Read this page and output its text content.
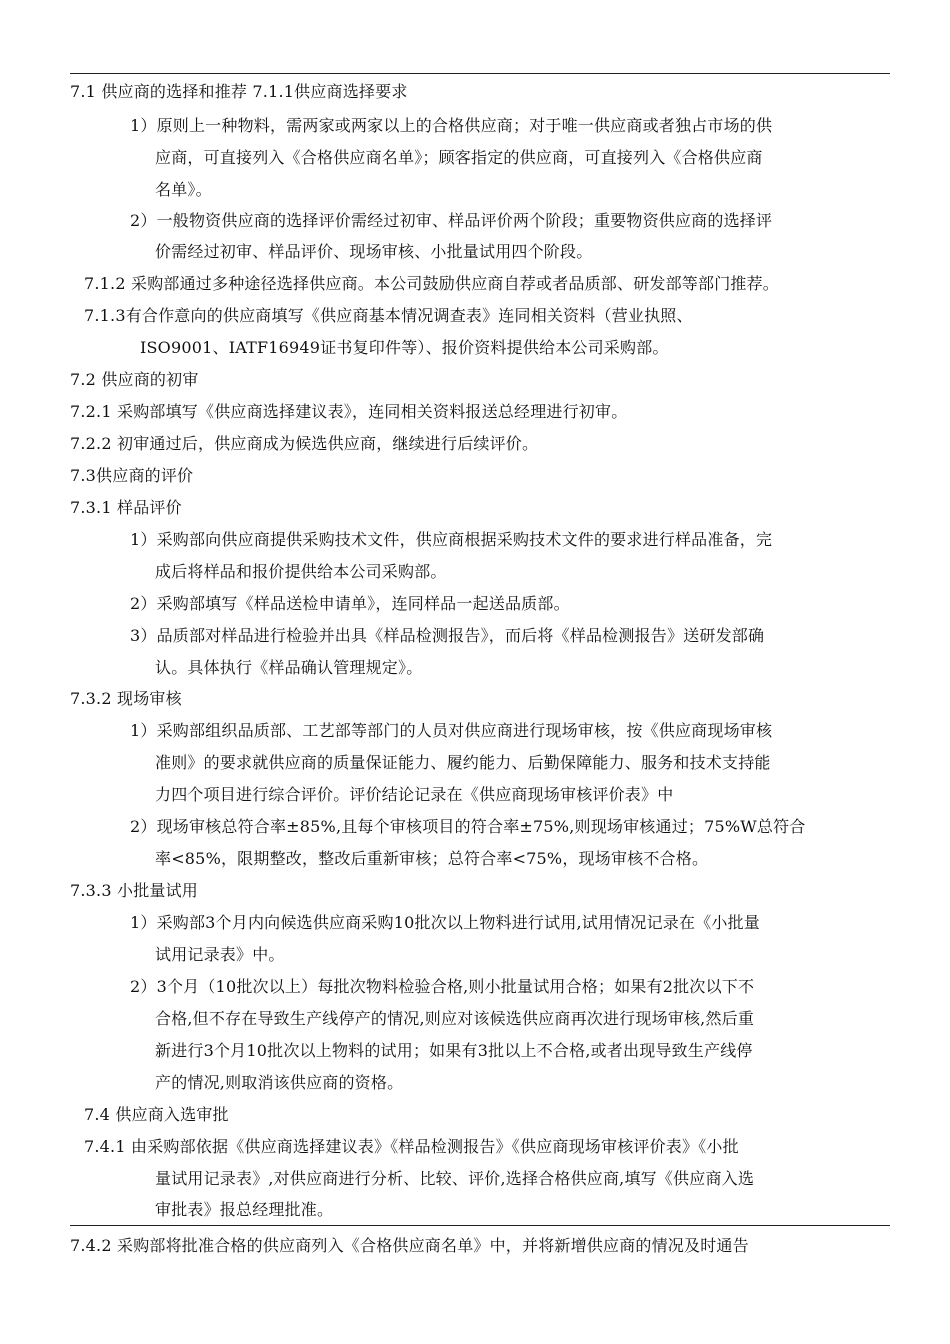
7.1 供应商的选择和推荐 7.1.1供应商选择要求
1）原则上一种物料，需两家或两家以上的合格供应商；对于唯一供应商或者独占市场的供
应商，可直接列入《合格供应商名单》；顾客指定的供应商，可直接列入《合格供应商
名单》。
2）一般物资供应商的选择评价需经过初审、样品评价两个阶段；重要物资供应商的选择评
价需经过初审、样品评价、现场审核、小批量试用四个阶段。
7.1.2 采购部通过多种途径选择供应商。本公司鼓励供应商自荐或者品质部、研发部等部门推荐。
7.1.3有合作意向的供应商填写《供应商基本情况调查表》连同相关资料（营业执照、
ISO9001、IATF16949证书复印件等）、报价资料提供给本公司采购部。
7.2 供应商的初审
7.2.1 采购部填写《供应商选择建议表》，连同相关资料报送总经理进行初审。
7.2.2 初审通过后，供应商成为候选供应商，继续进行后续评价。
7.3供应商的评价
7.3.1 样品评价
1）采购部向供应商提供采购技术文件，供应商根据采购技术文件的要求进行样品准备，完
成后将样品和报价提供给本公司采购部。
2）采购部填写《样品送检申请单》，连同样品一起送品质部。
3）品质部对样品进行检验并出具《样品检测报告》，而后将《样品检测报告》送研发部确
认。具体执行《样品确认管理规定》。
7.3.2 现场审核
1）采购部组织品质部、工艺部等部门的人员对供应商进行现场审核，按《供应商现场审核
准则》的要求就供应商的质量保证能力、履约能力、后勤保障能力、服务和技术支持能
力四个项目进行综合评价。评价结论记录在《供应商现场审核评价表》中
2）现场审核总符合率±85%,且每个审核项目的符合率±75%,则现场审核通过；75%W总符合
率<85%，限期整改，整改后重新审核；总符合率<75%，现场审核不合格。
7.3.3 小批量试用
1）采购部3个月内向候选供应商采购10批次以上物料进行试用,试用情况记录在《小批量
试用记录表》中。
2）3个月（10批次以上）每批次物料检验合格,则小批量试用合格；如果有2批次以下不
合格,但不存在导致生产线停产的情况,则应对该候选供应商再次进行现场审核,然后重
新进行3个月10批次以上物料的试用；如果有3批以上不合格,或者出现导致生产线停
产的情况,则取消该供应商的资格。
7.4 供应商入选审批
7.4.1 由采购部依据《供应商选择建议表》《样品检测报告》《供应商现场审核评价表》《小批
量试用记录表》,对供应商进行分析、比较、评价,选择合格供应商,填写《供应商入选
审批表》报总经理批准。
7.4.2 采购部将批准合格的供应商列入《合格供应商名单》中，并将新增供应商的情况及时通告
